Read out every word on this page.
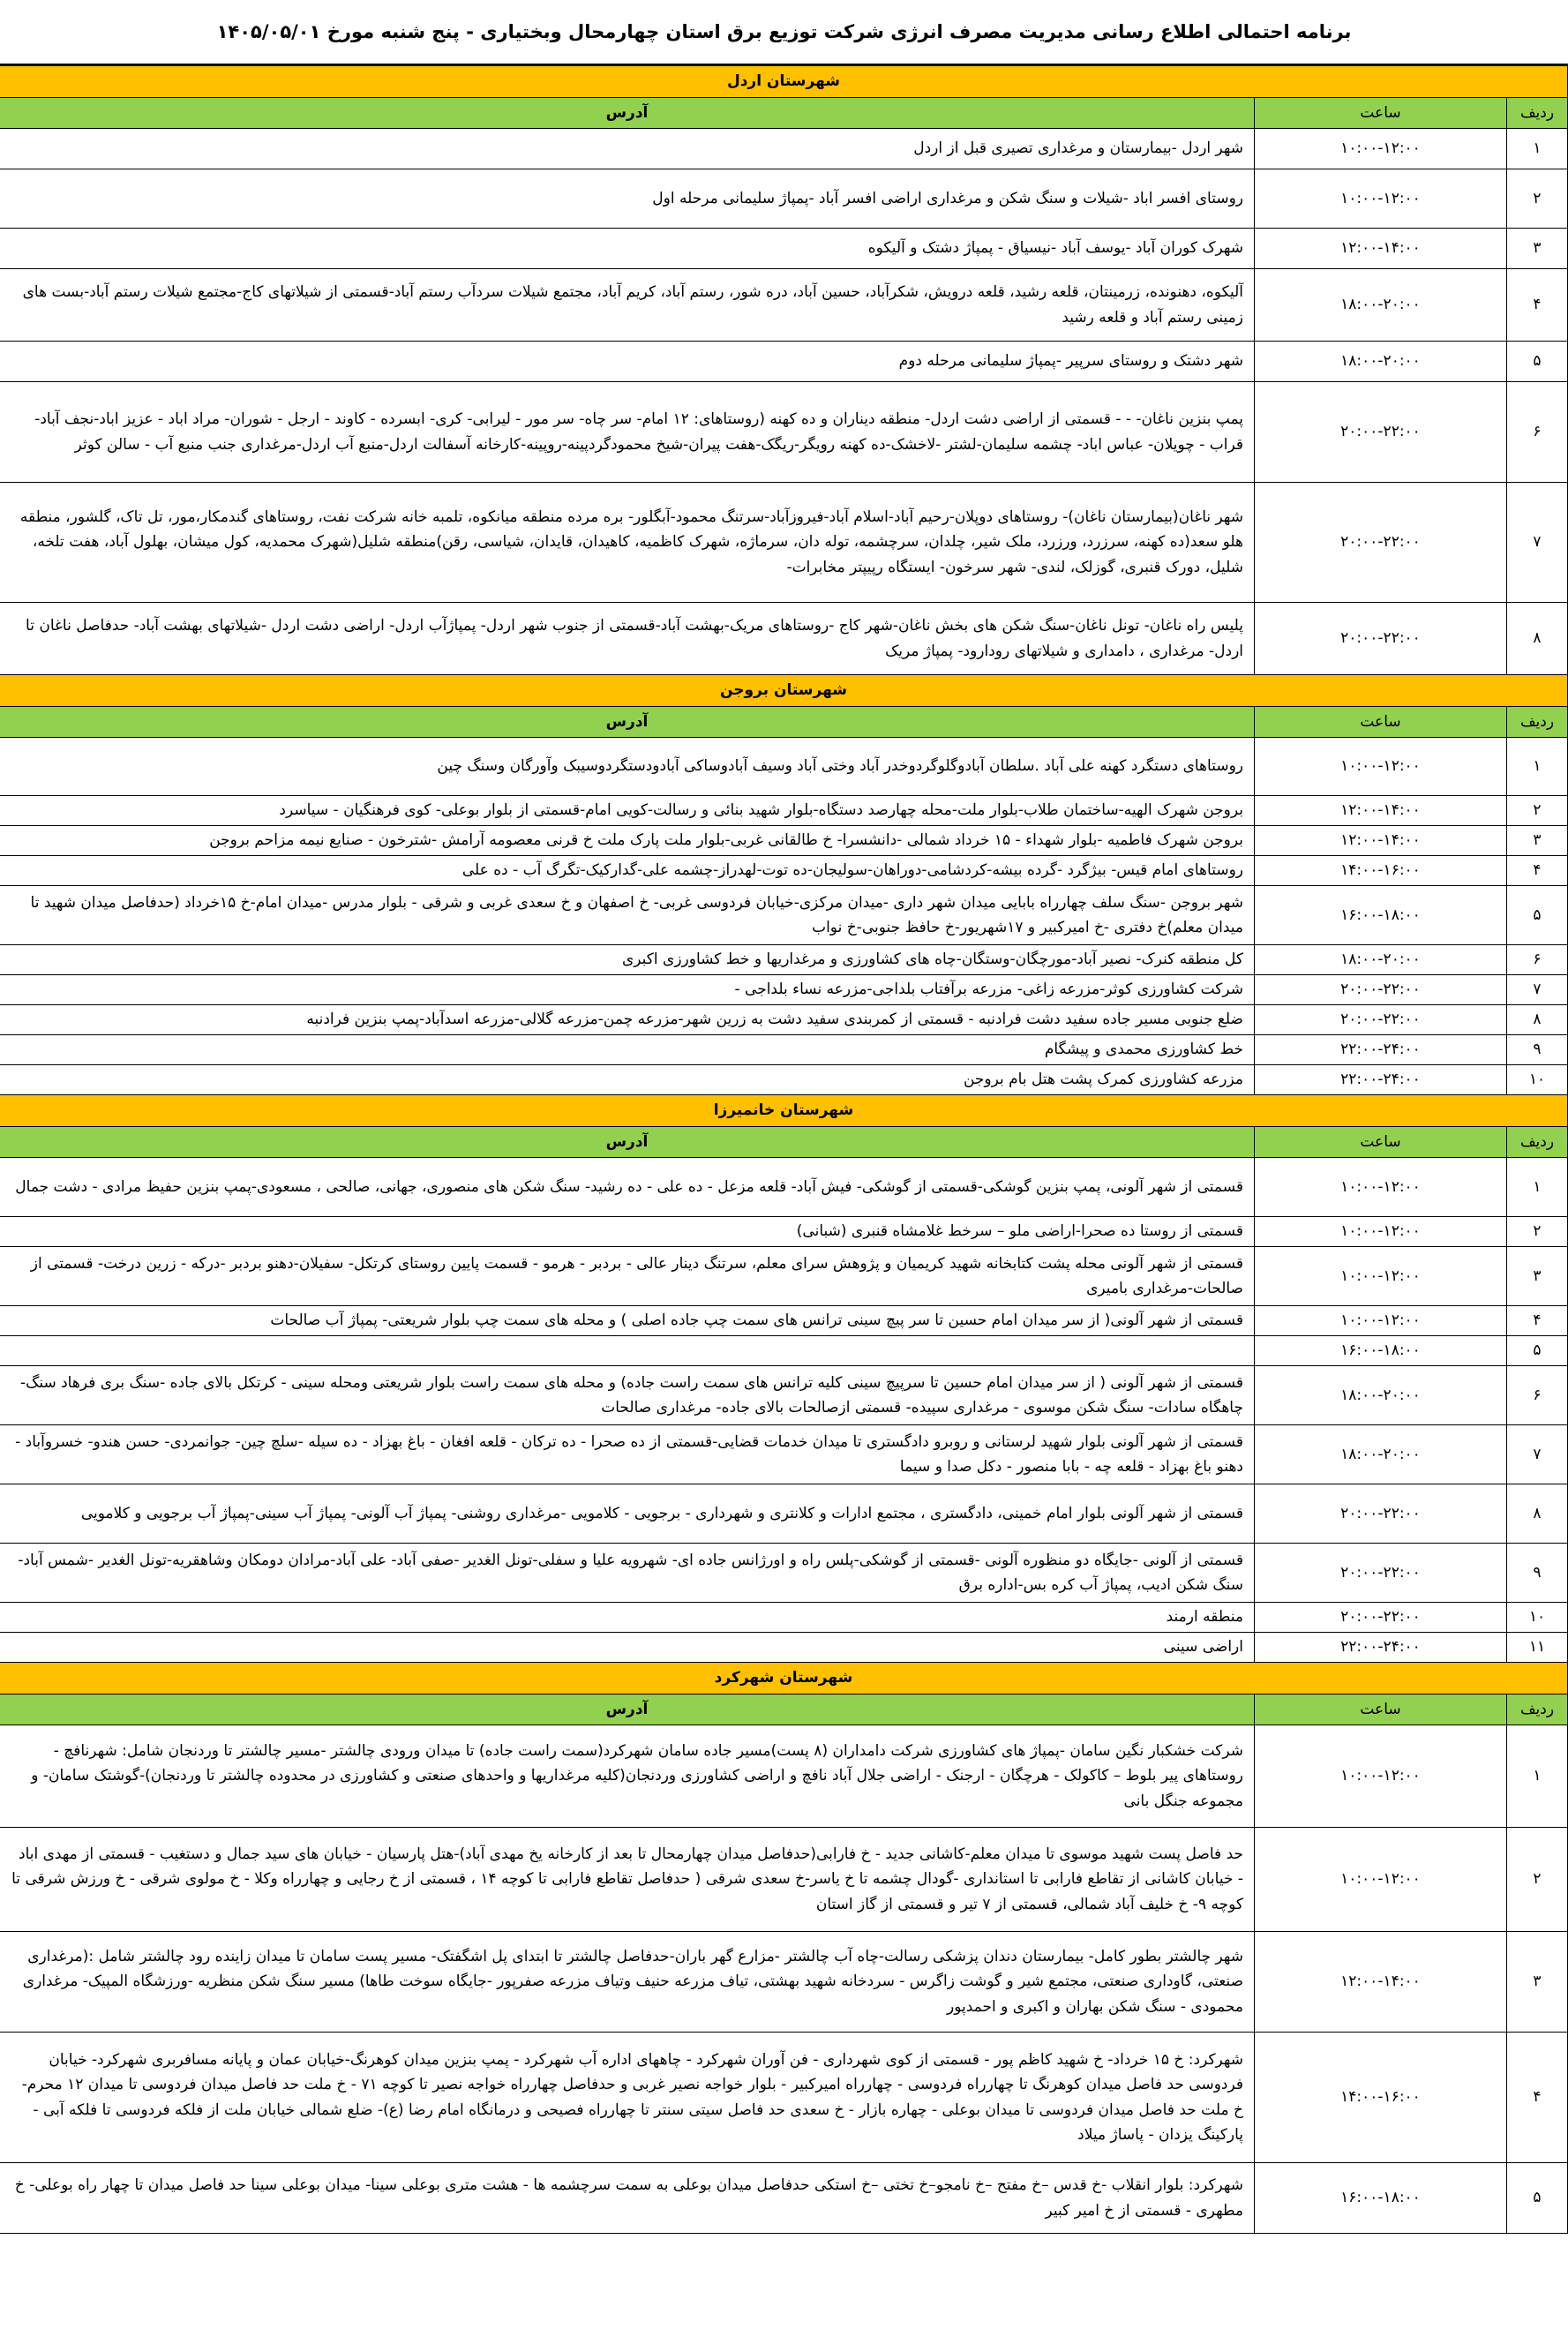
برنامه احتمالی اطلاع رسانی مدیریت مصرف انرژی شرکت توزیع برق استان چهارمحال وبختیاری - پنج شنبه مورخ ۱۴۰۵/۰۵/۰۱
شهرستان اردل		
ردیف	ساعت	آدرس
۱	۱۰:۰۰-۱۲:۰۰	شهر اردل -بیمارستان و مرغداری تصیری قبل از اردل
۲	۱۰:۰۰-۱۲:۰۰	روستای افسر اباد -شیلات و سنگ شکن و مرغداری اراضی افسر آباد -پمپاژ سلیمانی مرحله اول
۳	۱۲:۰۰-۱۴:۰۰	شهرک کوران آباد -یوسف آباد -نیسیاق - پمپاژ دشتک و آلیکوه
۴	۱۸:۰۰-۲۰:۰۰	آلیکوه، دهنونده، زرمینتان، قلعه رشید، قلعه درویش، شکرآباد، حسین آباد، دره شور، رستم آباد، کریم آباد، مجتمع شیلات سردآب رستم آباد-قسمتی از شیلاتهای کاج-مجتمع شیلات رستم آباد-بست های زمینی رستم آباد و قلعه رشید
۵	۱۸:۰۰-۲۰:۰۰	شهر دشتک و روستای سرپیر -پمپاژ سلیمانی مرحله دوم
۶	۲۰:۰۰-۲۲:۰۰	پمپ بنزین ناغان- - - قسمتی از اراضی دشت اردل- منطقه دیناران و ده کهنه (روستاهای: ۱۲ امام- سر چاه- سر مور - لیرابی- کری- ابسرده - کاوند - ارجل - شوران- مراد اباد - عزیز اباد-نجف آباد- قراب - چویلان- عباس اباد- چشمه سلیمان-لشتر -لاخشک-ده کهنه رویگر-ریگک-هفت پیران-شیخ محمودگردپینه-روپینه-کارخانه آسفالت اردل-منبع آب اردل-مرغداری جنب منبع آب - سالن کوثر
۷	۲۰:۰۰-۲۲:۰۰	شهر ناغان(بیمارستان ناغان)- روستاهای دوپلان-رحیم آباد-اسلام آباد-فیروزآباد-سرتنگ محمود-آبگلور- بره مرده منطقه میانکوه، تلمبه خانه شرکت نفت، روستاهای گندمکار،مور، تل تاک، گلشور، منطقه هلو سعد(ده کهنه، سرزرد، ورزرد، ملک شیر، چلدان، سرچشمه، تولە دان، سرماژه، شهرک کاظمیه، کاهیدان، قایدان، شیاسی، رقن)منطقه شلیل(شهرک محمدیه، کول میشان، بهلول آباد، هفت تلخه، شلیل، دورک قنبری، گوزلک، لندی- شهر سرخون- ایستگاه رپیپتر مخابرات-
۸	۲۰:۰۰-۲۲:۰۰	پلیس راه ناغان- تونل ناغان-سنگ شکن های بخش ناغان-شهر کاج -روستاهای مریک-بهشت آباد-قسمتی از جنوب شهر اردل- پمپاژآب اردل- اراضی دشت اردل -شیلاتهای بهشت آباد- حدفاصل ناغان تا اردل- مرغداری ، دامداری و شیلاتهای رودارود- پمپاژ مریک
شهرستان بروجن		
ردیف	ساعت	آدرس
۱	۱۰:۰۰-۱۲:۰۰	روستاهای دستگرد کهنه علی آباد .سلطان آبادوگلوگردوخدر آباد وختی آباد وسیف آبادوساکی آبادودستگردوسیبک وآورگان وسنگ چین
۲	۱۲:۰۰-۱۴:۰۰	بروجن شهرک الهیه-ساختمان طلاب-بلوار ملت-محله چهارصد دستگاه-بلوار شهید بنائی و رسالت-کویی امام-قسمتی از بلوار بوعلی- کوی فرهنگیان - سیاسرد
۳	۱۲:۰۰-۱۴:۰۰	بروجن شهرک فاطمیه -بلوار شهداء - ۱۵ خرداد شمالی -دانشسرا- خ طالقانی غربی-بلوار ملت پارک ملت خ قرنی معصومه آرامش -شترخون - صنایع نیمه مزاحم بروجن
۴	۱۴:۰۰-۱۶:۰۰	روستاهای امام قیس- بیژگرد -گرده بیشه-کردشامی-دوراهان-سولیجان-ده توت-لهدراز-چشمه علی-گدارکیک-تگرگ آب - ده علی
۵	۱۶:۰۰-۱۸:۰۰	شهر بروجن -سنگ سلف چهارراه بابایی میدان شهر داری -میدان مرکزی-خیابان فردوسی غربی- خ اصفهان و خ سعدی غربی و شرقی - بلوار مدرس -میدان امام-خ ۱۵خرداد (حدفاصل میدان شهید تا میدان معلم)خ دفتری -خ امیرکبیر و ۱۷شهریور-خ حافظ جنوبی-خ نواب
۶	۱۸:۰۰-۲۰:۰۰	کل منطقه کنرک- نصیر آباد-مورچگان-وستگان-چاه های کشاورزی و مرغداریها و خط کشاورزی اکبری
۷	۲۰:۰۰-۲۲:۰۰	شرکت کشاورزی کوثر-مزرعه زاغی- مزرعه برآفتاب بلداجی-مزرعه نساء بلداجی -
۸	۲۰:۰۰-۲۲:۰۰	ضلع جنوبی مسیر جاده سفید دشت فرادنبه - قسمتی از کمربندی سفید دشت به زرین شهر-مزرعه چمن-مزرعه گلالی-مزرعه اسدآباد-پمپ بنزین فرادنبه
۹	۲۲:۰۰-۲۴:۰۰	خط کشاورزی محمدی و پیشگام
۱۰	۲۲:۰۰-۲۴:۰۰	مزرعه کشاورزی کمرک پشت هتل بام بروجن
شهرستان خانمیرزا		
ردیف	ساعت	آدرس
۱	۱۰:۰۰-۱۲:۰۰	قسمتی از شهر آلونی، پمپ بنزین گوشکی-قسمتی از گوشکی- فیش آباد- قلعه مزعل - ده علی - ده رشید- سنگ شکن های منصوری، جهانی، صالحی ، مسعودی-پمپ بنزین حفیظ مرادی - دشت جمال
۲	۱۰:۰۰-۱۲:۰۰	قسمتی از روستا ده صحرا-اراضی ملو – سرخط غلامشاه قنبری (شبانی)
۳	۱۰:۰۰-۱۲:۰۰	قسمتی از شهر آلونی محله پشت کتابخانه شهید کریمیان و پژوهش سرای معلم، سرتنگ دینار عالی - بردبر - هرمو - قسمت پایین روستای کرتکل- سفیلان-دهنو بردبر -درکه - زرین درخت- قسمتی از صالحات-مرغداری بامیری
۴	۱۰:۰۰-۱۲:۰۰	قسمتی از شهر آلونی( از سر میدان امام حسین تا سر پیچ سینی ترانس های سمت چپ جاده اصلی ) و محله های سمت چپ بلوار شریعتی- پمپاژ آب صالحات
۵	۱۶:۰۰-۱۸:۰۰	
۶	۱۸:۰۰-۲۰:۰۰	قسمتی از شهر آلونی ( از سر میدان امام حسین تا سرپیچ سینی کلیه ترانس های سمت راست جاده) و محله های سمت راست بلوار شریعتی ومحله سینی - کرتکل بالای جاده -سنگ بری فرهاد سنگ- چاهگاه سادات- سنگ شکن موسوی - مرغداری سپیده- قسمتی ازصالحات بالای جاده- مرغداری صالحات
۷	۱۸:۰۰-۲۰:۰۰	قسمتی از شهر آلونی بلوار شهید لرستانی و روبرو دادگستری تا میدان خدمات قضایی-قسمتی از ده صحرا - ده ترکان - قلعه افغان - باغ بهزاد - ده سیله -سلچ چین- جوانمردی- حسن هندو- خسروآباد - دهنو باغ بهزاد - قلعه چه - بابا منصور - دکل صدا و سیما
۸	۲۰:۰۰-۲۲:۰۰	قسمتی از شهر آلونی بلوار امام خمینی، دادگستری ، مجتمع ادارات و کلانتری و شهرداری - برجویی - کلامویی -مرغداری روشنی- پمپاژ آب آلونی- پمپاژ آب سینی-پمپاژ آب برجویی و کلامویی
۹	۲۰:۰۰-۲۲:۰۰	قسمتی از آلونی -جایگاه دو منظوره آلونی -قسمتی از گوشکی-پلس راه و اورژانس جاده ای- شهرویه علیا و سفلی-تونل الغدیر -صفی آباد- علی آباد-مرادان دومکان وشاهقریه-تونل الغدیر -شمس آباد-سنگ شکن ادیب، پمپاژ آب کره بس-اداره برق
۱۰	۲۰:۰۰-۲۲:۰۰	منطقه ارمند
۱۱	۲۲:۰۰-۲۴:۰۰	اراضی سینی
شهرستان شهرکرد		
ردیف	ساعت	آدرس
۱	۱۰:۰۰-۱۲:۰۰	شرکت خشکبار نگین سامان -پمپاژ های کشاورزی شرکت دامداران (۸ پست)مسیر جاده سامان شهرکرد(سمت راست جاده) تا میدان ورودی چالشتر -مسیر چالشتر تا وردنجان شامل: شهرنافچ - روستاهای پیر بلوط – کاکولک - هرچگان - ارجنک - اراضی جلال آباد نافچ و اراضی کشاورزی وردنجان(کلیه مرغداریها و واحدهای صنعتی و کشاورزی در محدوده چالشتر تا وردنجان)-گوشتک سامان- و مجموعه جنگل بانی
۲	۱۰:۰۰-۱۲:۰۰	حد فاصل پست شهید موسوی تا میدان معلم-کاشانی جدید - خ فارابی(حدفاصل میدان چهارمحال تا بعد از کارخانه یخ مهدی آباد)-هتل پارسیان - خیابان های سید جمال و دستغیب - قسمتی از مهدی اباد - خیابان کاشانی از تقاطع فارابی تا استانداری -گودال چشمه تا خ یاسر-خ سعدی شرقی ( حدفاصل تقاطع فارابی تا کوچه ۱۴ ، قسمتی از خ رجایی و چهارراه وکلا - خ مولوی شرقی - خ ورزش شرقی تا کوچه ۹- خ خلیف آباد شمالی، قسمتی از ۷ تیر و قسمتی از گاز استان
۳	۱۲:۰۰-۱۴:۰۰	شهر چالشتر بطور کامل- بیمارستان دندان پزشکی رسالت-چاه آب چالشتر -مزارع گهر باران-حدفاصل چالشتر تا ابتدای پل اشگفتک- مسیر پست سامان تا میدان زاینده رود چالشتر شامل :(مرغداری صنعتی، گاوداری صنعتی، مجتمع شیر و گوشت زاگرس - سردخانه شهید بهشتی، تیاف مزرعه حنیف وتیاف مزرعه صفرپور -جایگاه سوخت طاها) مسیر سنگ شکن منظریه -ورزشگاه المپیک- مرغداری محمودی - سنگ شکن بهاران و اکبری و احمدپور
۴	۱۴:۰۰-۱۶:۰۰	شهرکرد: خ ۱۵ خرداد- خ شهید کاظم پور - قسمتی از کوی شهرداری - فن آوران شهرکرد - چاههای اداره آب شهرکرد - پمپ بنزین میدان کوهرنگ-خیابان عمان و پایانه مسافربری شهرکرد- خیابان فردوسی حد فاصل میدان کوهرنگ تا چهارراه فردوسی - چهارراه امیرکبیر - بلوار خواجه نصیر غربی و حدفاصل چهارراه خواجه نصیر تا کوچه ۷۱ - خ ملت حد فاصل میدان فردوسی تا میدان ۱۲ محرم- خ ملت حد فاصل میدان فردوسی تا میدان بوعلی - چهاره بازار - خ سعدی حد فاصل سیتی سنتر تا چهارراه فصیحی و درمانگاه امام رضا (ع)- ضلع شمالی خیابان ملت از فلکه فردوسی تا فلکه آبی - پارکینگ یزدان - پاساژ میلاد
۵	۱۶:۰۰-۱۸:۰۰	شهرکرد: بلوار انقلاب -خ قدس –خ مفتح –خ نامجو–خ تختی –خ استکی حدفاصل میدان بوعلی به سمت سرچشمه ها - هشت متری بوعلی سینا- میدان بوعلی سینا حد فاصل میدان تا چهار راه بوعلی- خ مطهری - قسمتی از خ امیر کبیر
